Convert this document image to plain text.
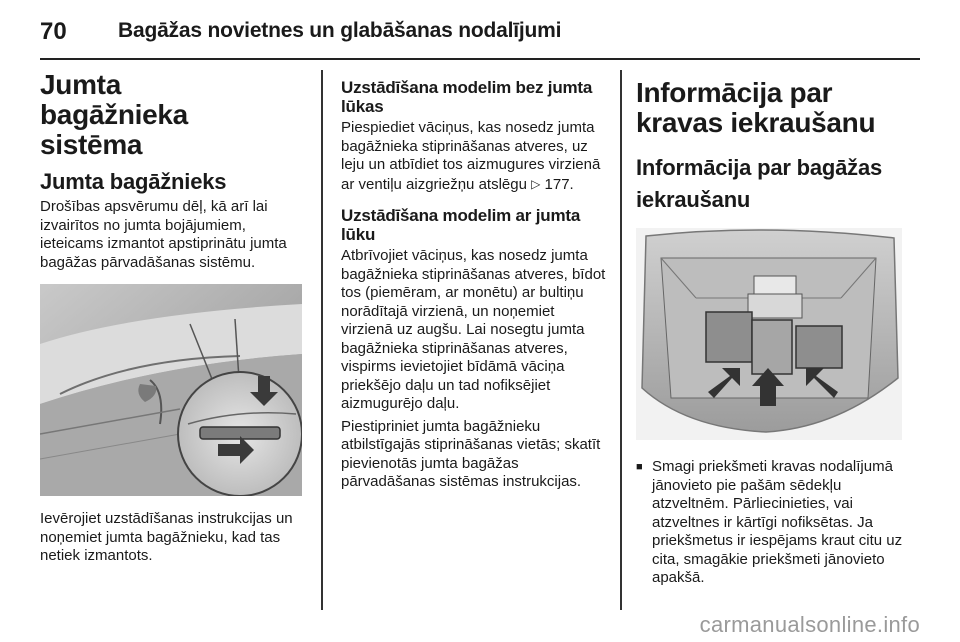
70 Bagāžas novietnes un glabāšanas nodalījumi
Jumta bagāžnieka sistēma
Jumta bagāžnieks

Drošības apsvērumu dēļ, kā arī lai izvairītos no jumta bojājumiem, ieteicams izmantot apstiprinātu jumta bagāžas pārvadāšanas sistēmu.

Ievērojiet uzstādīšanas instrukcijas un noņemiet jumta bagāžnieku, kad tas netiek izmantots.

Uzstādīšana modelim bez jumta lūkas

Piespiediet vāciņus, kas nosedz jumta bagāžnieka stiprināšanas atveres, uz leju un atbīdiet tos aizmugures virzienā ar ventiļu aizgriežņu atslēgu ▷ 177.

Uzstādīšana modelim ar jumta lūku

Atbrīvojiet vāciņus, kas nosedz jumta bagāžnieka stiprināšanas atveres, bīdot tos (piemēram, ar monētu) ar bultiņu norādītajā virzienā, un noņemiet virzienā uz augšu. Lai nosegtu jumta bagāžnieka stiprināšanas atveres, vispirms ievietojiet bīdāmā vāciņa priekšējo daļu un tad nofiksējiet aizmugurējo daļu.

Piestipriniet jumta bagāžnieku atbilstīgajās stiprināšanas vietās; skatīt pievienotās jumta bagāžas pārvadāšanas sistēmas instrukcijas.

Informācija par kravas iekraušanu
Informācija par bagāžas iekraušanu
■ Smagi priekšmeti kravas nodalījumā jānovieto pie pašām sēdekļu atzveltnēm. Pārliecinieties, vai atzveltnes ir kārtīgi nofiksētas. Ja priekšmetus ir iespējams kraut citu uz cita, smagākie priekšmeti jānovieto apakšā.
carmanualsonline.info
